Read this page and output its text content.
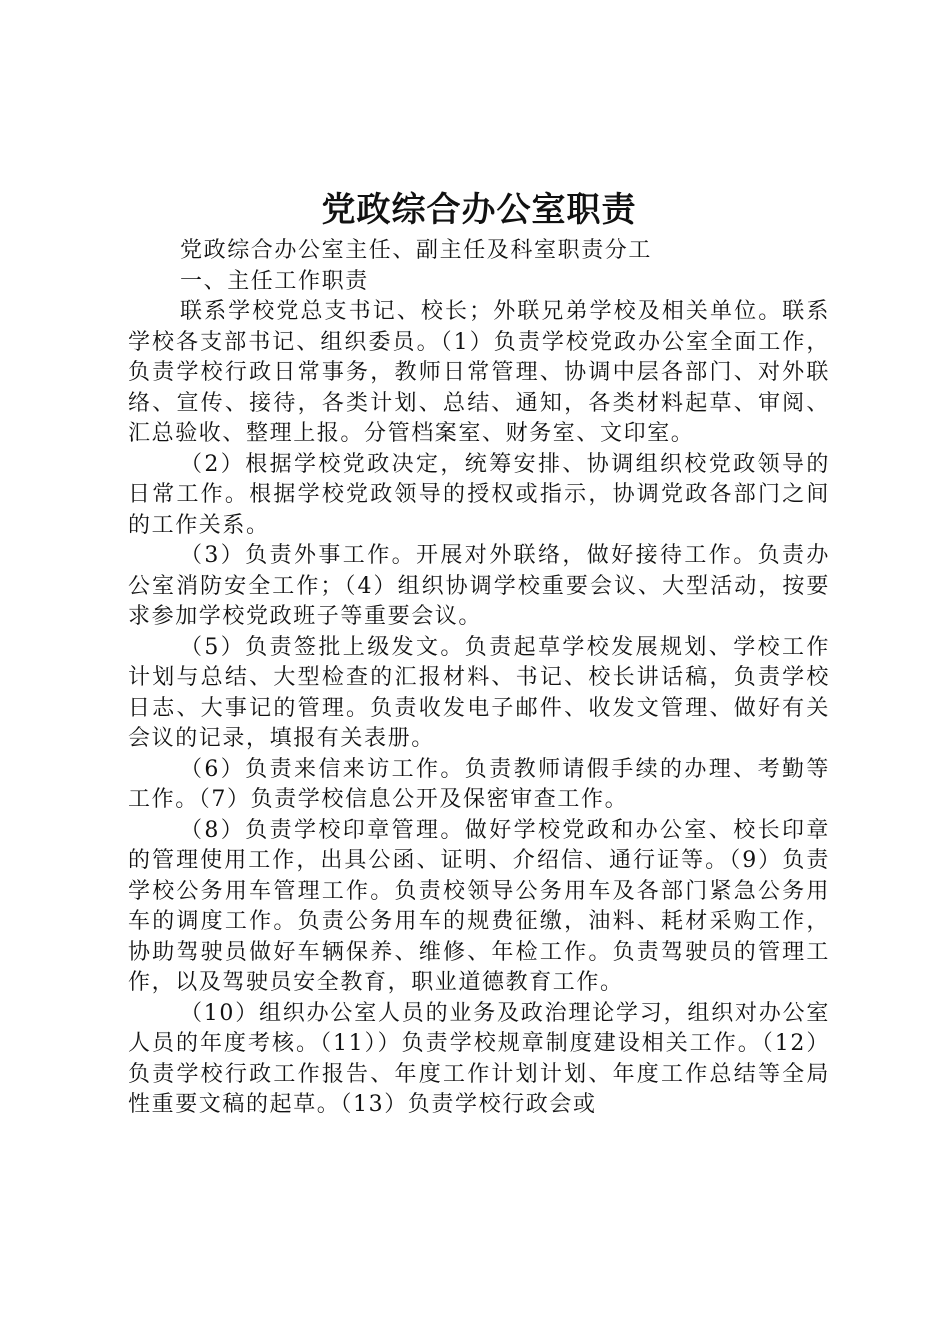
党政综合办公室职责

党政综合办公室主任、副主任及科室职责分工

一、主任工作职责

联系学校党总支书记、校长；外联兄弟学校及相关单位。联系学校各支部书记、组织委员。（1）负责学校党政办公室全面工作，负责学校行政日常事务，教师日常管理、协调中层各部门、对外联络、宣传、接待，各类计划、总结、通知，各类材料起草、审阅、汇总验收、整理上报。分管档案室、财务室、文印室。

（2）根据学校党政决定，统筹安排、协调组织校党政领导的日常工作。根据学校党政领导的授权或指示，协调党政各部门之间的工作关系。

（3）负责外事工作。开展对外联络，做好接待工作。负责办公室消防安全工作；（4）组织协调学校重要会议、大型活动，按要求参加学校党政班子等重要会议。

（5）负责签批上级发文。负责起草学校发展规划、学校工作计划与总结、大型检查的汇报材料、书记、校长讲话稿，负责学校日志、大事记的管理。负责收发电子邮件、收发文管理、做好有关会议的记录，填报有关表册。

（6）负责来信来访工作。负责教师请假手续的办理、考勤等工作。（7）负责学校信息公开及保密审查工作。

（8）负责学校印章管理。做好学校党政和办公室、校长印章的管理使用工作，出具公函、证明、介绍信、通行证等。（9）负责学校公务用车管理工作。负责校领导公务用车及各部门紧急公务用车的调度工作。负责公务用车的规费征缴，油料、耗材采购工作，协助驾驶员做好车辆保养、维修、年检工作。负责驾驶员的管理工作，以及驾驶员安全教育，职业道德教育工作。

（10）组织办公室人员的业务及政治理论学习，组织对办公室人员的年度考核。（11））负责学校规章制度建设相关工作。（12）负责学校行政工作报告、年度工作计划计划、年度工作总结等全局性重要文稿的起草。（13）负责学校行政会或
